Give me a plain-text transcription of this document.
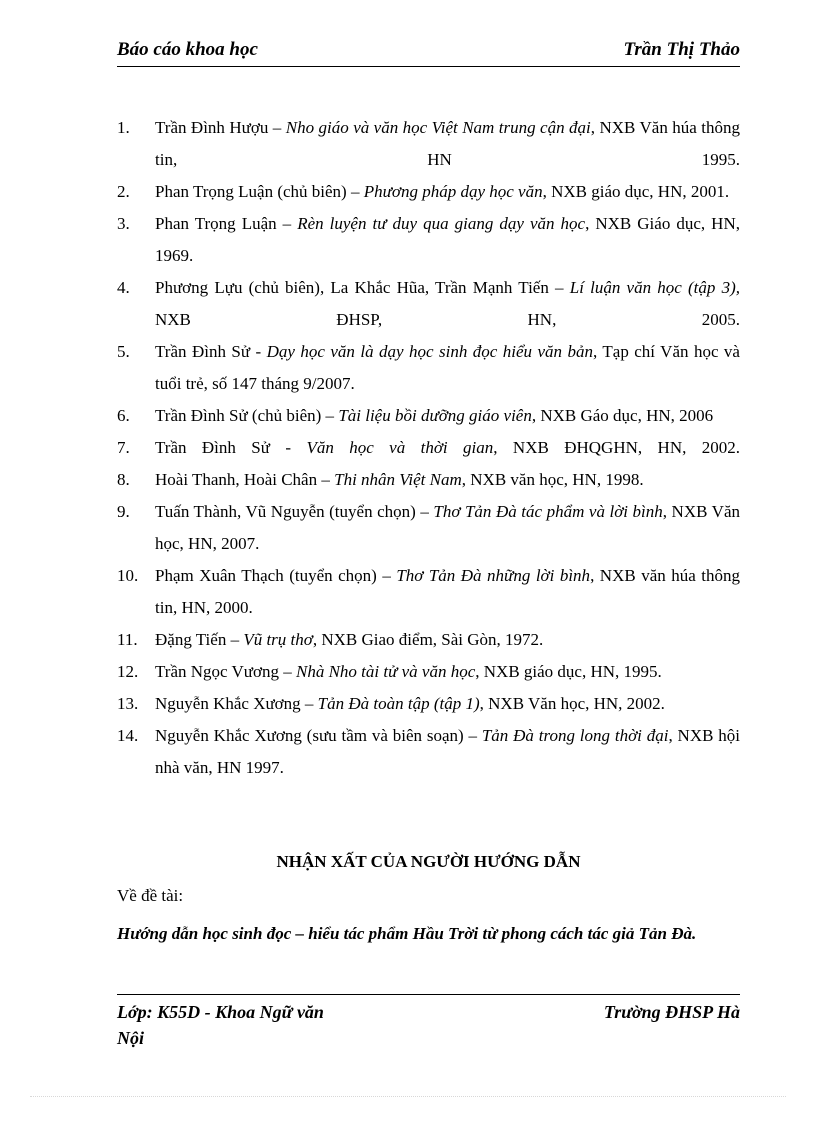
Báo cáo khoa học	Trần Thị Thảo
1. Trần Đình Hượu – Nho giáo và văn học Việt Nam trung cận đại, NXB Văn húa thông tin, HN 1995.
2. Phan Trọng Luận (chủ biên) – Phương pháp dạy học văn, NXB giáo dục, HN, 2001.
3. Phan Trọng Luận – Rèn luyện tư duy qua giang dạy văn học, NXB Giáo dục, HN, 1969.
4. Phương Lựu (chủ biên), La Khắc Hũa, Trần Mạnh Tiến – Lí luận văn học (tập 3), NXB ĐHSP, HN, 2005.
5. Trần Đình Sử - Dạy học văn là dạy học sinh đọc hiểu văn bản, Tạp chí Văn học và tuổi trẻ, số 147 tháng 9/2007.
6. Trần Đình Sử (chủ biên) – Tài liệu bồi dưỡng giáo viên, NXB Gáo dục, HN, 2006
7. Trần Đình Sử - Văn học và thời gian, NXB ĐHQGHN, HN, 2002.
8. Hoài Thanh, Hoài Chân – Thi nhân Việt Nam, NXB văn học, HN, 1998.
9. Tuấn Thành, Vũ Nguyễn (tuyển chọn) – Thơ Tản Đà tác phẩm và lời bình, NXB Văn học, HN, 2007.
10. Phạm Xuân Thạch (tuyển chọn) – Thơ Tản Đà những lời bình, NXB văn húa thông tin, HN, 2000.
11. Đặng Tiến – Vũ trụ thơ, NXB Giao điểm, Sài Gòn, 1972.
12. Trần Ngọc Vương – Nhà Nho tài tử và văn học, NXB giáo dục, HN, 1995.
13. Nguyễn Khắc Xương – Tản Đà toàn tập (tập 1), NXB Văn học, HN, 2002.
14. Nguyễn Khắc Xương (sưu tầm và biên soạn) – Tản Đà trong long thời đại, NXB hội nhà văn, HN 1997.
NHẬN XẤT CỦA NGƯỜI HƯỚNG DẪN
Về đề tài:
Hướng dẫn học sinh đọc – hiểu tác phẩm Hầu Trời từ phong cách tác giả Tản Đà.
Lớp: K55D - Khoa Ngữ văn	Trường ĐHSP Hà
Nội
